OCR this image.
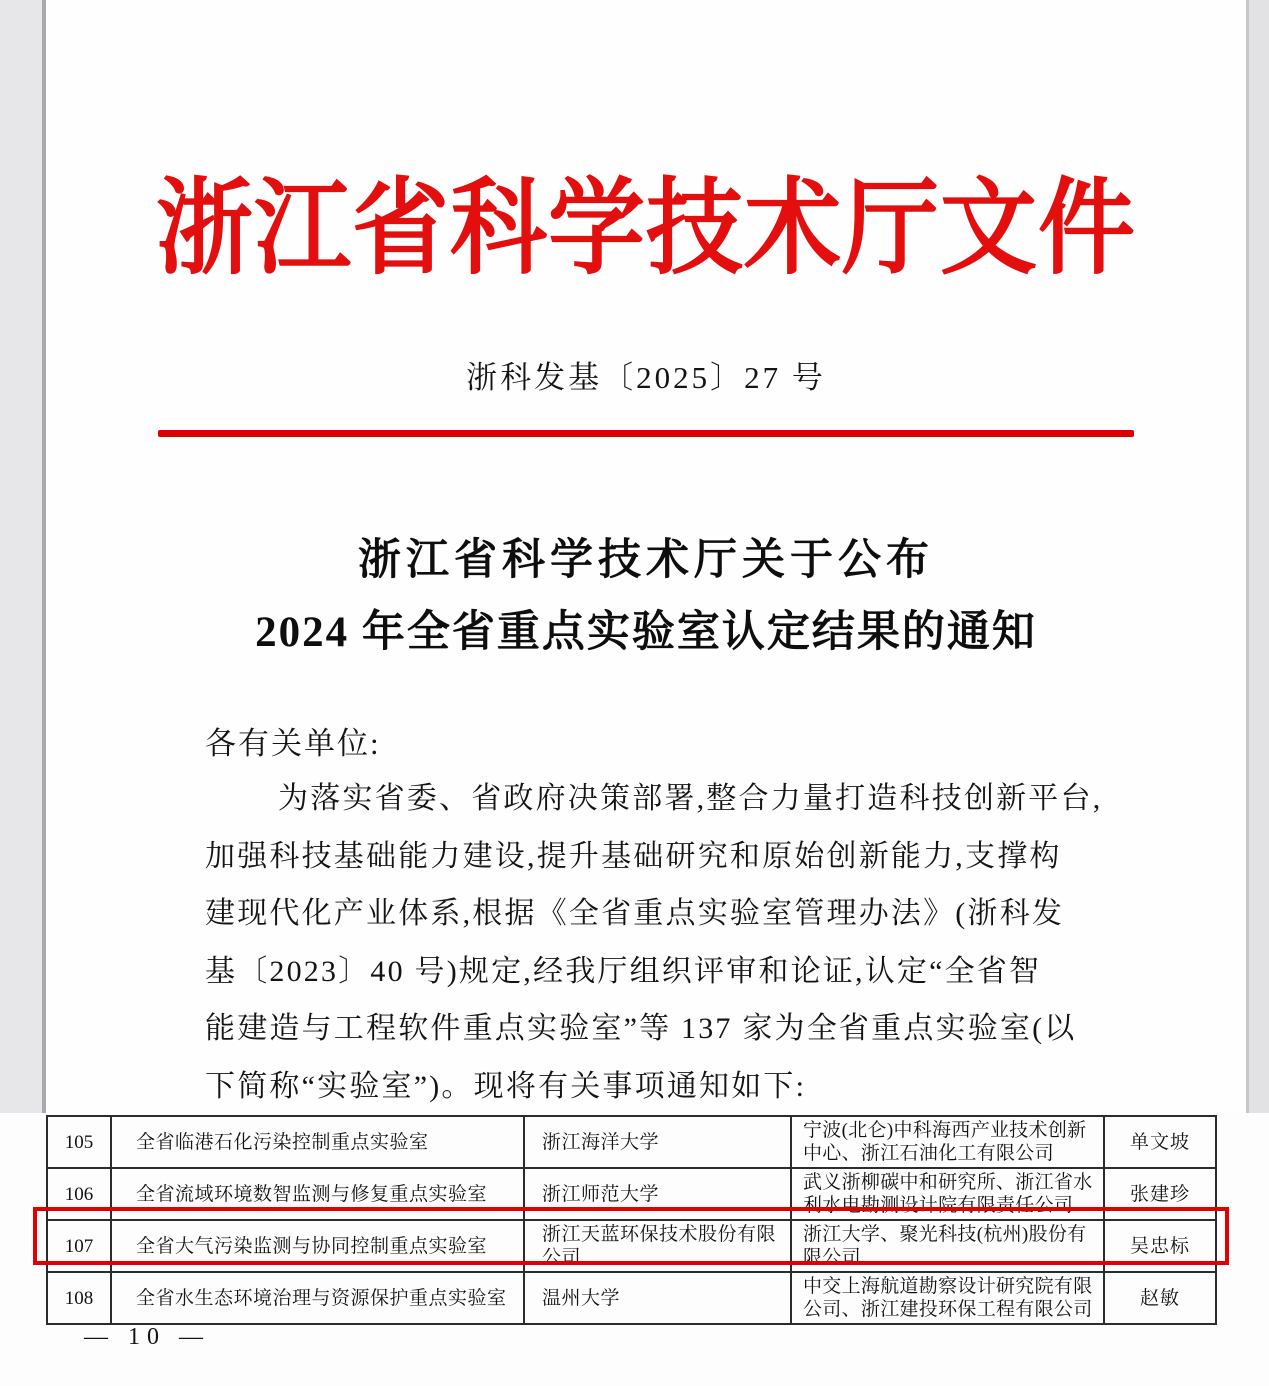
浙江省科学技术厅文件
浙科发基〔2025〕27 号
浙江省科学技术厅关于公布
2024 年全省重点实验室认定结果的通知
各有关单位:
为落实省委、省政府决策部署,整合力量打造科技创新平台,
加强科技基础能力建设,提升基础研究和原始创新能力,支撑构
建现代化产业体系,根据《全省重点实验室管理办法》(浙科发
基〔2023〕40 号)规定,经我厅组织评审和论证,认定“全省智
能建造与工程软件重点实验室”等 137 家为全省重点实验室(以
下简称“实验室”)。现将有关事项通知如下:
105	全省临港石化污染控制重点实验室	浙江海洋大学	宁波(北仑)中科海西产业技术创新中心、浙江石油化工有限公司	单文坡
106	全省流域环境数智监测与修复重点实验室	浙江师范大学	武义浙柳碳中和研究所、浙江省水利水电勘测设计院有限责任公司	张建珍
107	全省大气污染监测与协同控制重点实验室	浙江天蓝环保技术股份有限公司	浙江大学、聚光科技(杭州)股份有限公司	吴忠标
108	全省水生态环境治理与资源保护重点实验室	温州大学	中交上海航道勘察设计研究院有限公司、浙江建投环保工程有限公司	赵敏
— 10 —
